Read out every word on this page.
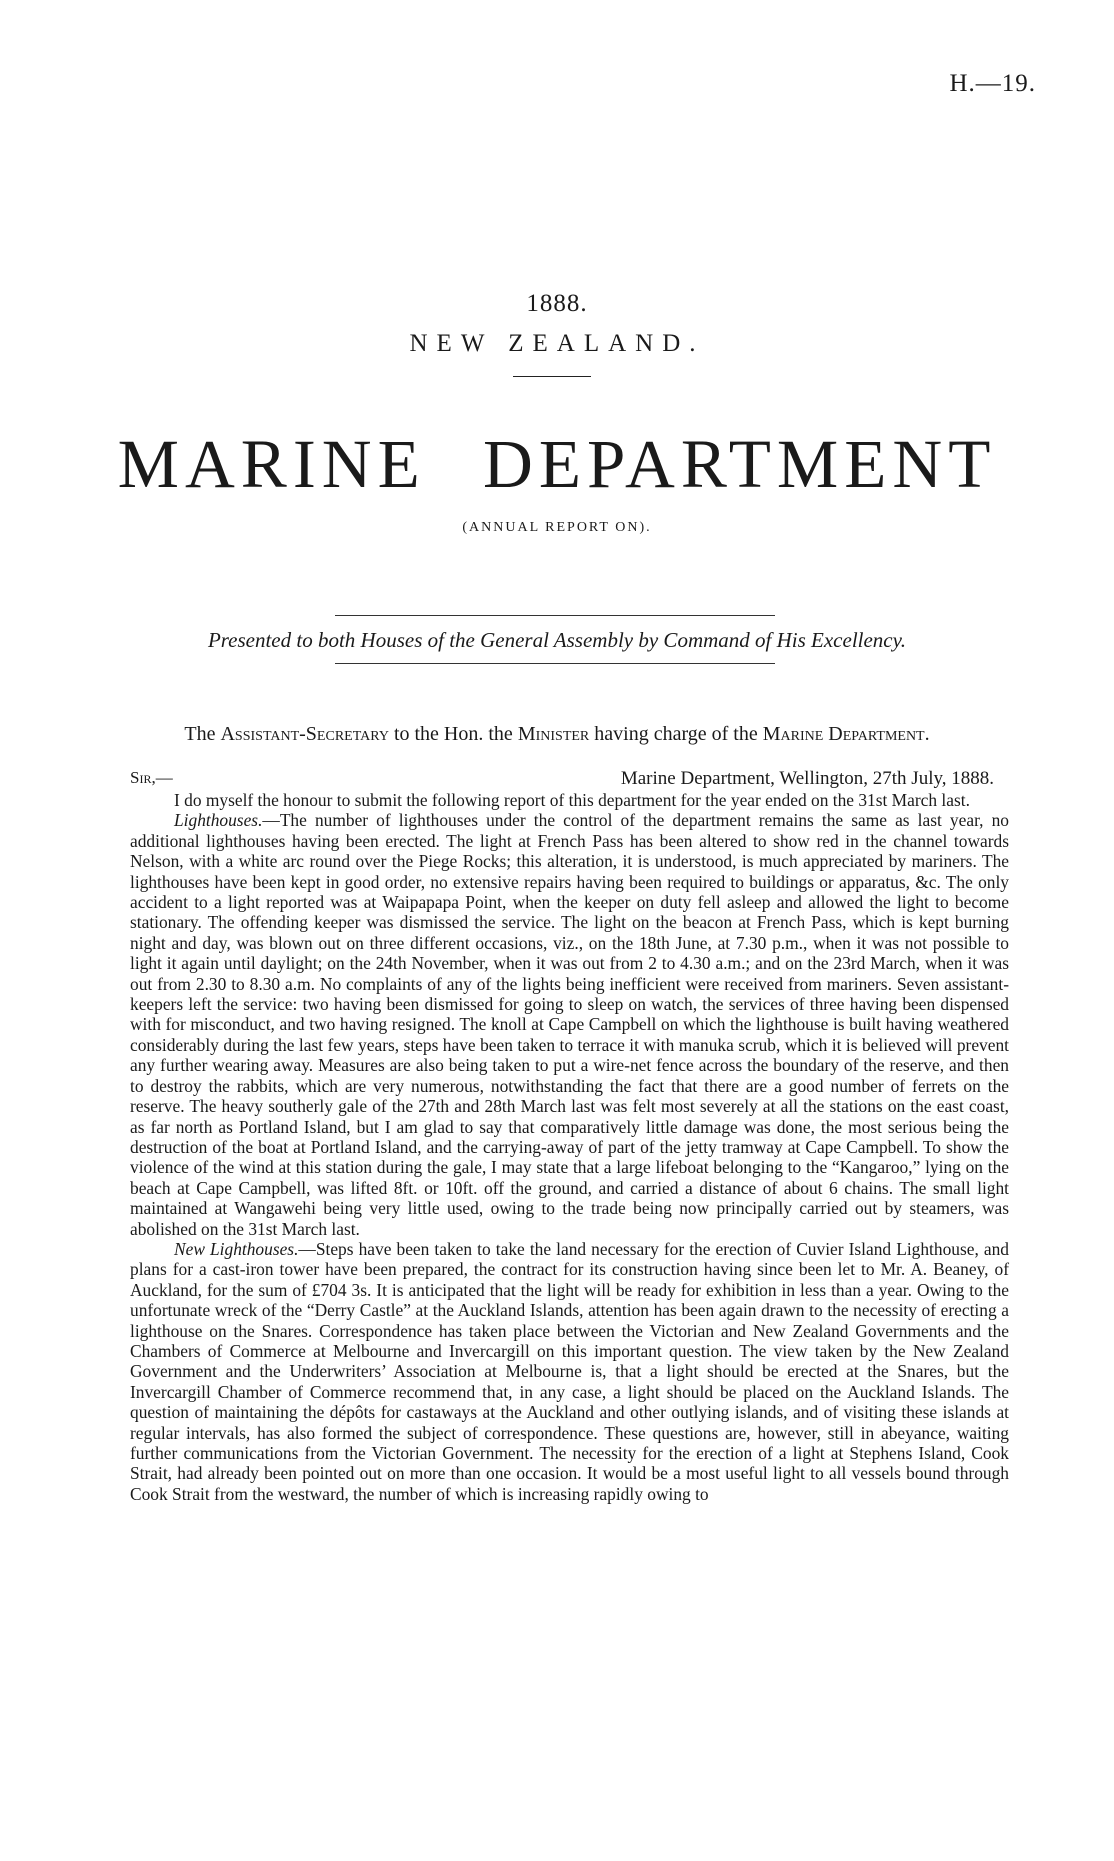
H.—19.
1888.
NEW ZEALAND.
MARINE DEPARTMENT
(ANNUAL REPORT ON).
Presented to both Houses of the General Assembly by Command of His Excellency.
The Assistant-Secretary to the Hon. the Minister having charge of the Marine Department.
Sir,—	Marine Department, Wellington, 27th July, 1888.

I do myself the honour to submit the following report of this department for the year ended on the 31st March last.

Lighthouses.—The number of lighthouses under the control of the department remains the same as last year, no additional lighthouses having been erected. The light at French Pass has been altered to show red in the channel towards Nelson, with a white arc round over the Piege Rocks; this alteration, it is understood, is much appreciated by mariners. The lighthouses have been kept in good order, no extensive repairs having been required to buildings or apparatus, &c. The only accident to a light reported was at Waipapapa Point, when the keeper on duty fell asleep and allowed the light to become stationary. The offending keeper was dismissed the service. The light on the beacon at French Pass, which is kept burning night and day, was blown out on three different occasions, viz., on the 18th June, at 7.30 p.m., when it was not possible to light it again until daylight; on the 24th November, when it was out from 2 to 4.30 a.m.; and on the 23rd March, when it was out from 2.30 to 8.30 a.m. No complaints of any of the lights being inefficient were received from mariners. Seven assistant-keepers left the service: two having been dismissed for going to sleep on watch, the services of three having been dispensed with for misconduct, and two having resigned. The knoll at Cape Campbell on which the lighthouse is built having weathered considerably during the last few years, steps have been taken to terrace it with manuka scrub, which it is believed will prevent any further wearing away. Measures are also being taken to put a wire-net fence across the boundary of the reserve, and then to destroy the rabbits, which are very numerous, notwithstanding the fact that there are a good number of ferrets on the reserve. The heavy southerly gale of the 27th and 28th March last was felt most severely at all the stations on the east coast, as far north as Portland Island, but I am glad to say that comparatively little damage was done, the most serious being the destruction of the boat at Portland Island, and the carrying-away of part of the jetty tramway at Cape Campbell. To show the violence of the wind at this station during the gale, I may state that a large lifeboat belonging to the “Kangaroo,” lying on the beach at Cape Campbell, was lifted 8ft. or 10ft. off the ground, and carried a distance of about 6 chains. The small light maintained at Wangawehi being very little used, owing to the trade being now principally carried out by steamers, was abolished on the 31st March last.

New Lighthouses.—Steps have been taken to take the land necessary for the erection of Cuvier Island Lighthouse, and plans for a cast-iron tower have been prepared, the contract for its construction having since been let to Mr. A. Beaney, of Auckland, for the sum of £704 3s. It is anticipated that the light will be ready for exhibition in less than a year. Owing to the unfortunate wreck of the “Derry Castle” at the Auckland Islands, attention has been again drawn to the necessity of erecting a lighthouse on the Snares. Correspondence has taken place between the Victorian and New Zealand Governments and the Chambers of Commerce at Melbourne and Invercargill on this important question. The view taken by the New Zealand Government and the Underwriters’ Association at Melbourne is, that a light should be erected at the Snares, but the Invercargill Chamber of Commerce recommend that, in any case, a light should be placed on the Auckland Islands. The question of maintaining the dépôts for castaways at the Auckland and other outlying islands, and of visiting these islands at regular intervals, has also formed the subject of correspondence. These questions are, however, still in abeyance, waiting further communications from the Victorian Government. The necessity for the erection of a light at Stephens Island, Cook Strait, had already been pointed out on more than one occasion. It would be a most useful light to all vessels bound through Cook Strait from the westward, the number of which is increasing rapidly owing to
